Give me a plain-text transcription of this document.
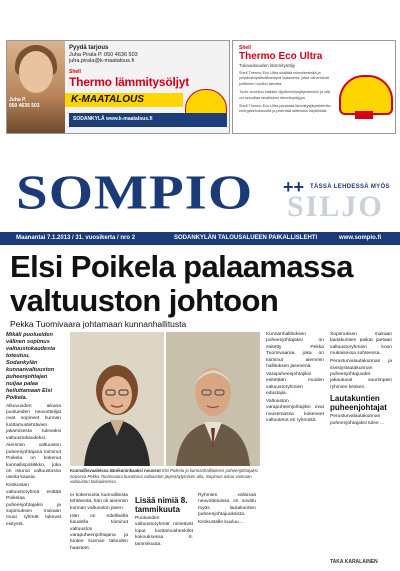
Juha P.
050 4636 503
Pyydä tarjous
Juha Pirala P. 050 4636 503
juha.pirala@k-maatalous.fi
Shell
Thermo lämmitysöljyt
K-MAATALOUS
SODANKYLÄ www.k-maatalous.fi
Shell
Thermo Eco Ultra
Tulevaisuuden lämmitysöljy

Shell Thermo Eco Ultra sisältää mikrobiesteitä ja ympäristöystävällisempiä lisäaineita, jotka vähentävät polttimen huollon tarvetta.

Tuote soveltuu kaikkiin öljylämmitysjärjestelmiin ja sitä voi sekoittaa tavalliseen lämmitysöljyyn.

Shell Thermo Eco Ultra parantaa lämmitysjärjestelmän energiatehokkuutta ja pidentää laitteiston käyttöikää.

SOMPIO ++ TÄSSÄ LEHDESSÄ MYÖS
SILJO
Maanantai 7.1.2013 / 31. vuosikerta / nro 2	SODANKYLÄN TALOUSALUEEN PAIKALLISLEHTI	www.sompio.fi
Elsi Poikela palaamassa valtuuston johtoon
Pekka Tuomivaara johtamaan kunnanhallitusta

Mikäli puolueiden välinen sopimus valtuustokaudesta toteutuu, Sodankylän kunnanvaltuuston puheenjohtajan nuijaa palaa heiluttamaan Elsi Poikela.

Alkuvuoden aikana puolueiden neuvottelijat ovat sopineet kunnan luottamustehtävien jakamisesta tulevaksi valtuustokaudeksi.

Aiemmin valtuuston puheenjohtajana toiminut Poikela on kokenut kunnallispoliitikko, joka on istunut valtuustossa useita kausia.

Keskustan valtuustoryhmä esittää Poikelaa puheenjohtajaksi ja sopimuksen mukaan muut ryhmät tukevat esitystä.

Kunnallisvaaleissa äänikuninkaaksi noussut Elsi Poikela ja kunnanhallituksen puheenjohtajaksi nouseva Pekka Tuomivaara kuvattuna valtuuston järjestäytymisen alla. Sopimus astuu voimaan valtuuston kokouksessa.

ei kokemusta kunnallisista tehtävistä, hän oli aiemmin kunnan valtuuston jäsen.

Hän on edellisellä kaudella toiminut valtuuston varapuheenjohtajana ja tuntee kunnan talouden haasteet.

Lisää nimiä 8. tammikuuta

Puolueiden valtuustoryhmät nimeävät loput luottamushenkilöt kokouksessa 8. tammikuuta.

Ryhmien välisissä neuvotteluissa on sovittu myös lautakuntien puheenjohtajuuksista.

Keskustalle kuuluu ...

Kunnanhallituksen puheenjohtajaksi on esitetty Pekka Tuomivaaraa, joka on toiminut aiemmin hallituksen jäsenenä.

Varapuheenjohtajiksi esitetään muiden valtuustoryhmien edustajia.

Valtuuston varapuheenjohtajiksi ovat nousemassa kokeneet valtuutetut eri ryhmistä.

Sopimuksen mukaan lautakuntien paikat jaetaan valtuustoryhmien koon mukaisessa suhteessa.

Perusturvalautakunnan ja sivistyslautakunnan puheenjohtajuudet jakautuvat suurimpien ryhmien kesken.

Lautakuntien puheenjohtajat

Perusturvalautakunnan puheenjohtajaksi tulee ...

TAKA KARALAINEN
